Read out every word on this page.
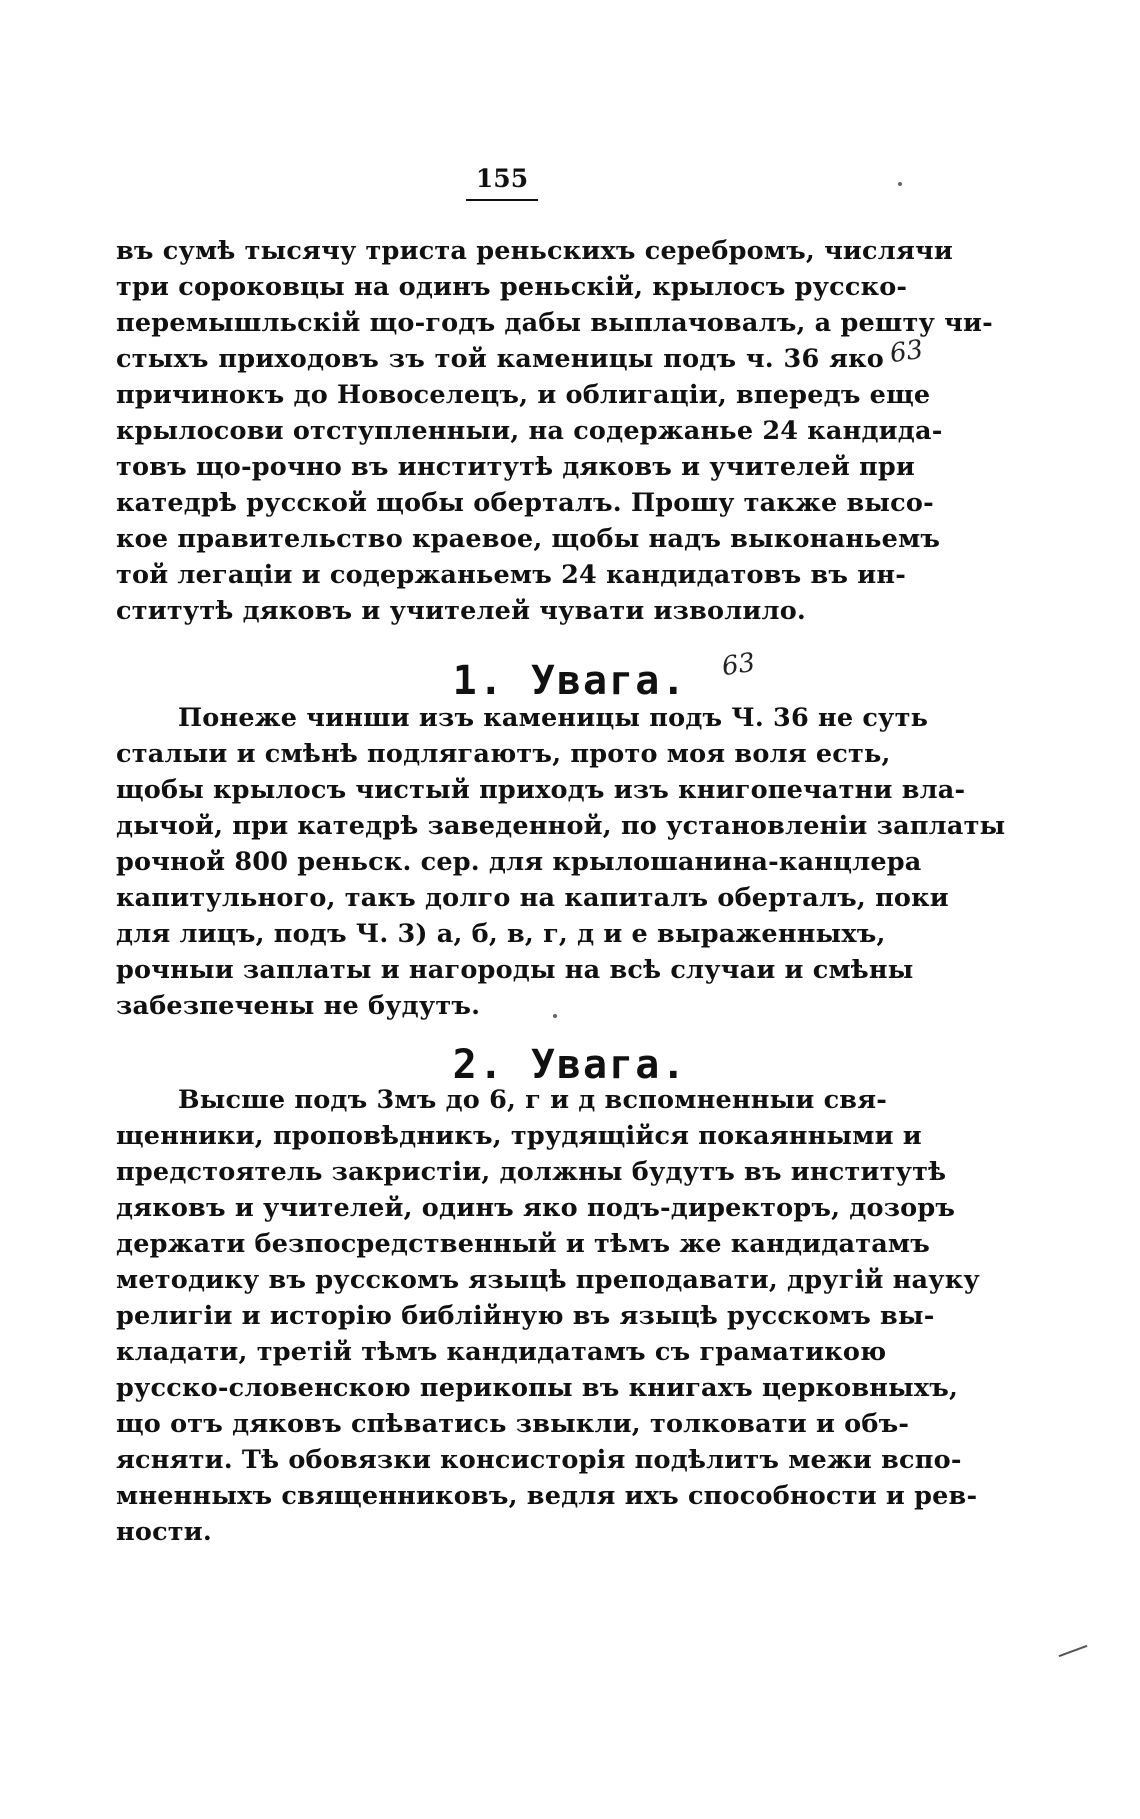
155
въ сумѣ тысячу триста реньскихъ серебромъ, числячи
три сороковцы на одинъ реньскій, крылосъ русско-
перемышльскій що-годъ дабы выплачовалъ, а решту чи-
стыхъ приходовъ зъ той каменицы подъ ч. 36 яко
причинокъ до Новоселецъ, и облигаціи, впередъ еще
крылосови отступленныи, на содержанье 24 кандида-
товъ що-рочно въ институтѣ дяковъ и учителей при
катедрѣ русской щобы оберталъ. Прошу также высо-
кое правительство краевое, щобы надъ выконаньемъ
той легаціи и содержаньемъ 24 кандидатовъ въ ин-
ститутѣ дяковъ и учителей чувати изволило.
1. Увага.
Понеже чинши изъ каменицы подъ Ч. 36 не суть
сталыи и смѣнѣ подлягаютъ, прото моя воля есть,
щобы крылосъ чистый приходъ изъ книгопечатни вла-
дычой, при катедрѣ заведенной, по установленіи заплаты
рочной 800 реньск. сер. для крылошанина-канцлера
капитульного, такъ долго на капиталъ оберталъ, поки
для лицъ, подъ Ч. 3) а, б, в, г, д и е выраженныхъ,
рочныи заплаты и нагороды на всѣ случаи и смѣны
забезпечены не будутъ.
2. Увага.
Высше подъ 3мъ до 6, г и д вспомненныи свя-
щенники, проповѣдникъ, трудящійся покаянными и
предстоятель закристіи, должны будутъ въ институтѣ
дяковъ и учителей, одинъ яко подъ-директоръ, дозоръ
держати безпосредственный и тѣмъ же кандидатамъ
методику въ русскомъ языцѣ преподавати, другій науку
религіи и исторію библійную въ языцѣ русскомъ вы-
кладати, третій тѣмъ кандидатамъ съ граматикою
русско-словенскою перикопы въ книгахъ церковныхъ,
що отъ дяковъ спѣватись звыкли, толковати и объ-
ясняти. Тѣ обовязки консисторія подѣлитъ межи вспо-
мненныхъ священниковъ, ведля ихъ способности и рев-
ности.
63
63
